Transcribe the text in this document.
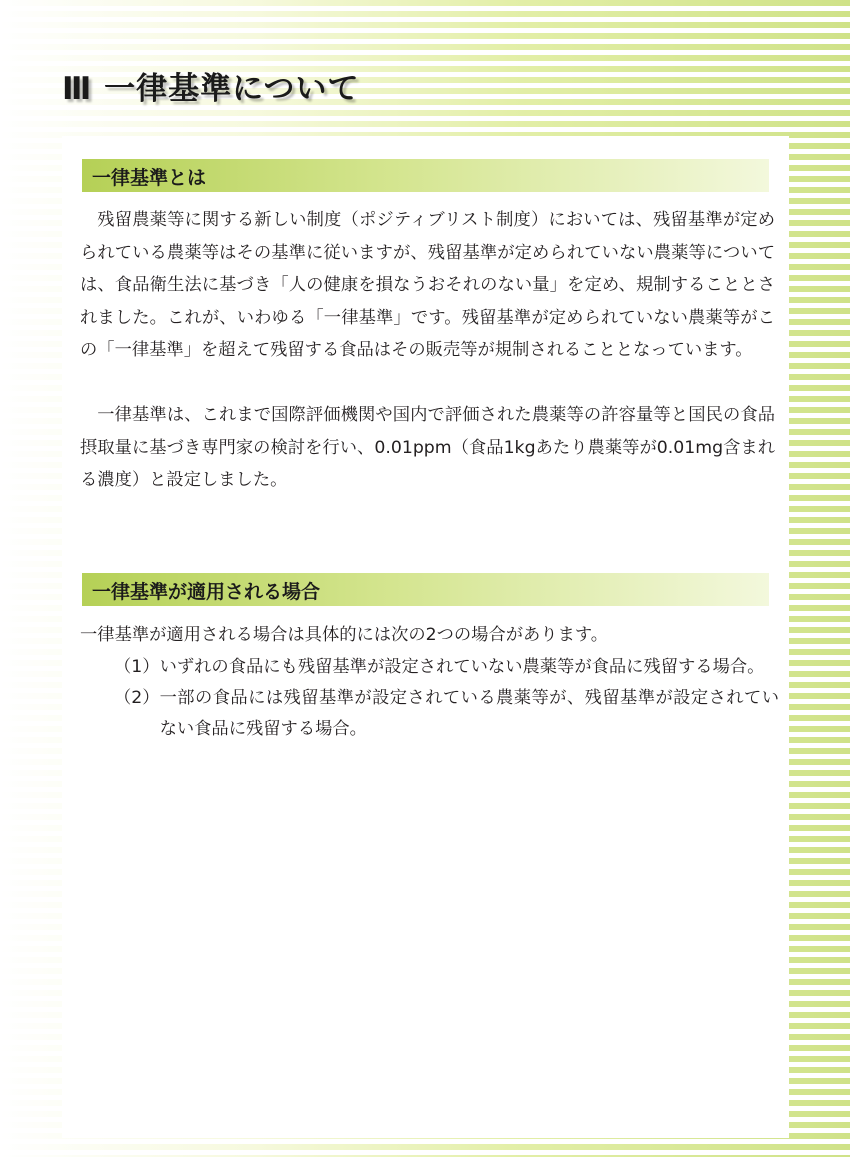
Ⅲ 一律基準について
一律基準とは

残留農薬等に関する新しい制度（ポジティブリスト制度）においては、残留基準が定められている農薬等はその基準に従いますが、残留基準が定められていない農薬等については、食品衛生法に基づき「人の健康を損なうおそれのない量」を定め、規制することとされました。これが、いわゆる「一律基準」です。残留基準が定められていない農薬等がこの「一律基準」を超えて残留する食品はその販売等が規制されることとなっています。

一律基準は、これまで国際評価機関や国内で評価された農薬等の許容量等と国民の食品摂取量に基づき専門家の検討を行い、0.01ppm（食品1kgあたり農薬等が0.01mg含まれる濃度）と設定しました。

一律基準が適用される場合

一律基準が適用される場合は具体的には次の2つの場合があります。

（1） いずれの食品にも残留基準が設定されていない農薬等が食品に残留する場合。
（2） 一部の食品には残留基準が設定されている農薬等が、残留基準が設定されていない食品に残留する場合。
